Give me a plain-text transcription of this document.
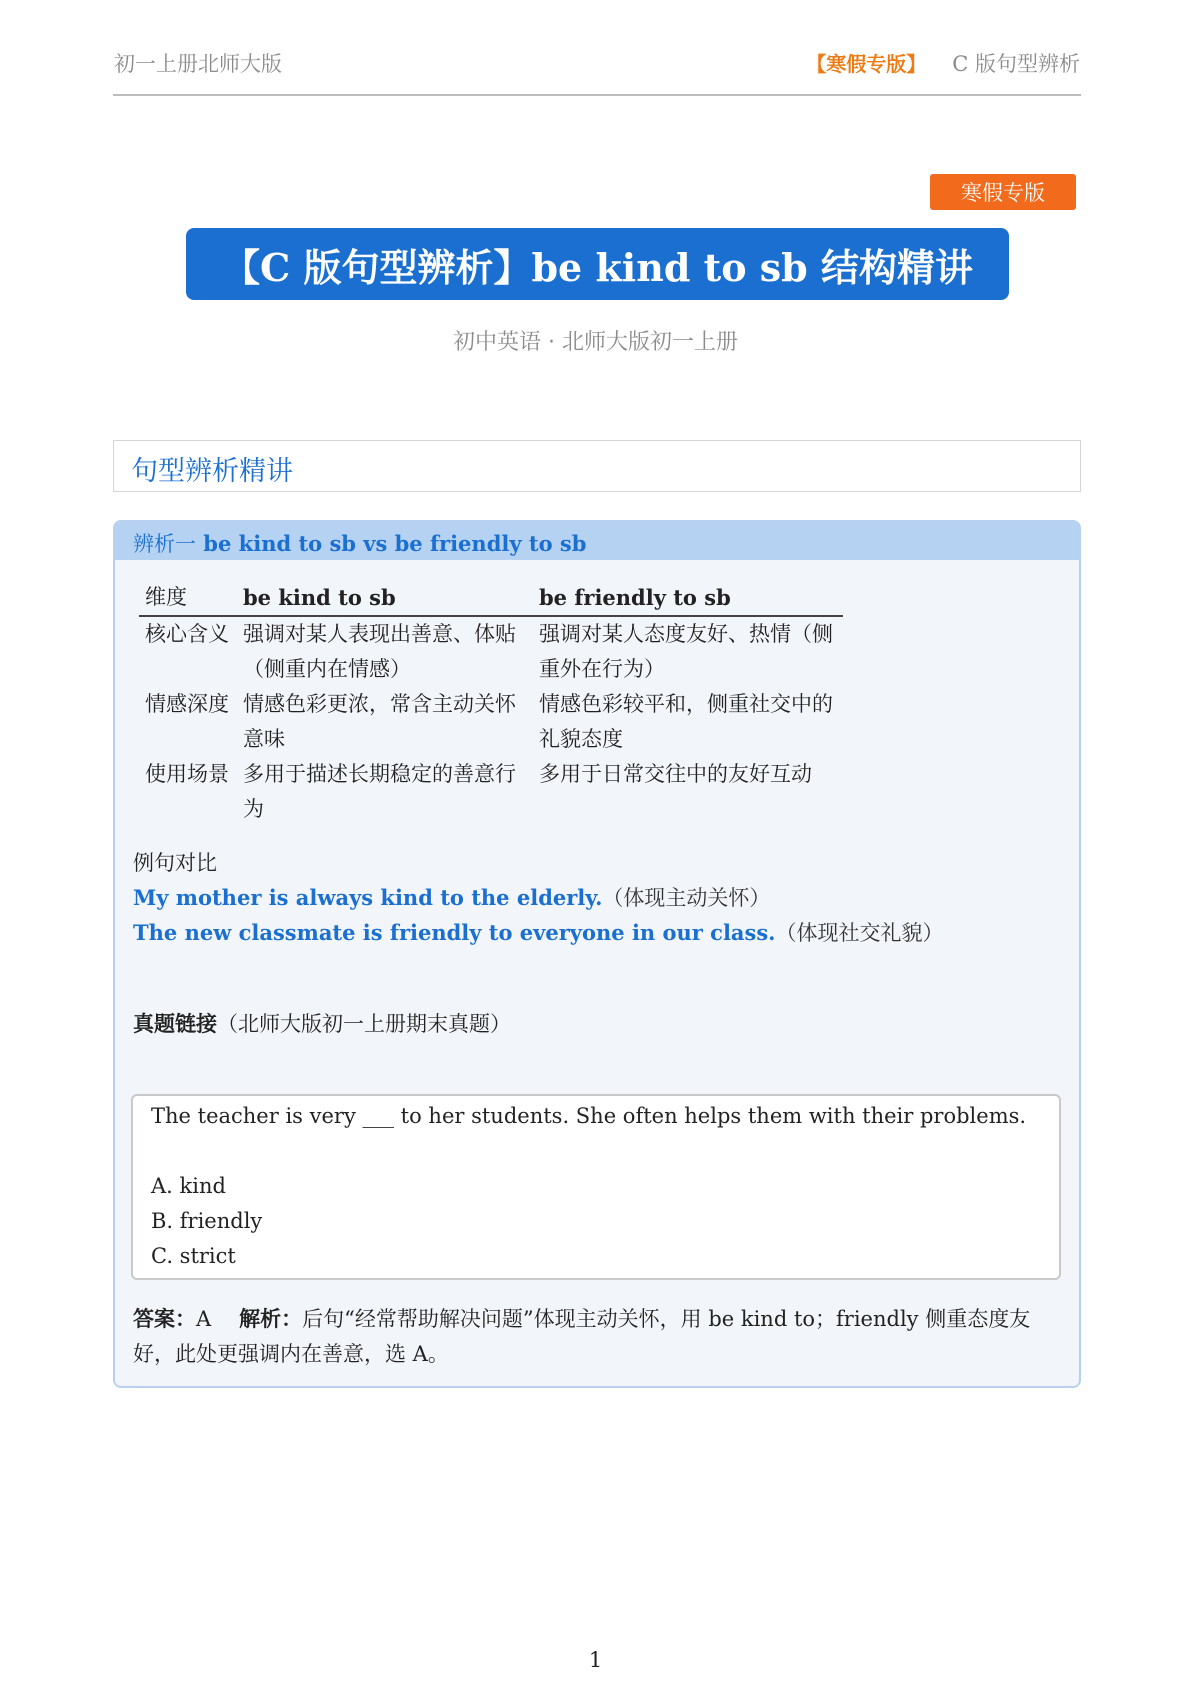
初一上册北师大版	【寒假专版】 C 版句型辨析
寒假专版
【C 版句型辨析】be kind to sb 结构精讲
初中英语 · 北师大版初一上册
句型辨析精讲
辨析一 be kind to sb vs be friendly to sb
维度	be kind to sb	be friendly to sb
核心含义	强调对某人表现出善意、体贴（侧重内在情感）	强调对某人态度友好、热情（侧重外在行为）
情感深度	情感色彩更浓，常含主动关怀意味	情感色彩较平和，侧重社交中的礼貌态度
使用场景	多用于描述长期稳定的善意行为	多用于日常交往中的友好互动
例句对比
My mother is always kind to the elderly.（体现主动关怀）
The new classmate is friendly to everyone in our class.（体现社交礼貌）
真题链接（北师大版初一上册期末真题）
The teacher is very ___ to her students. She often helps them with their problems.
A. kind
B. friendly
C. strict
答案：A 解析：后句“经常帮助解决问题”体现主动关怀，用 be kind to；friendly 侧重态度友好，此处更强调内在善意，选 A。
1
